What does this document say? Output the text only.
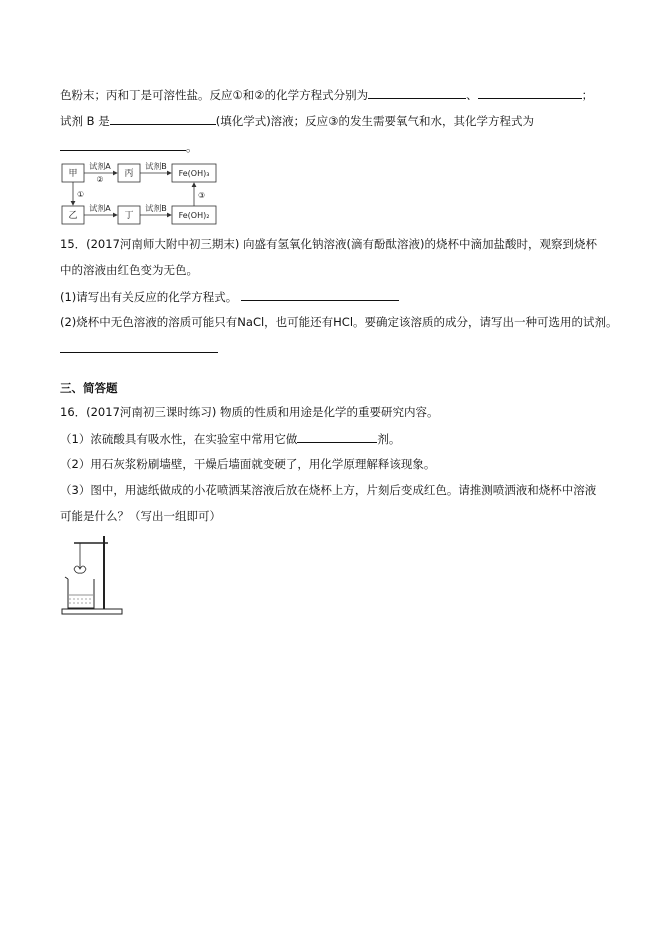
色粉末；丙和丁是可溶性盐。反应①和②的化学方程式分别为	、	；
试剂 B 是	(填化学式)溶液；反应③的发生需要氧气和水，其化学方程式为
。
甲	丙	Fe(OH)₃
乙	丁	Fe(OH)₂
试剂A
②
试剂B
①
试剂A	试剂B
③
15．(2017河南师大附中初三期末) 向盛有氢氧化钠溶液(滴有酚酞溶液)的烧杯中滴加盐酸时，观察到烧杯
中的溶液由红色变为无色。
(1)请写出有关反应的化学方程式。
(2)烧杯中无色溶液的溶质可能只有NaCl，也可能还有HCl。要确定该溶质的成分，请写出一种可选用的试剂。
三、简答题
16．(2017河南初三课时练习) 物质的性质和用途是化学的重要研究内容。
（1）浓硫酸具有吸水性，在实验室中常用它做	剂。
（2）用石灰浆粉刷墙壁，干燥后墙面就变硬了，用化学原理解释该现象。
（3）图中，用滤纸做成的小花喷洒某溶液后放在烧杯上方，片刻后变成红色。请推测喷洒液和烧杯中溶液
可能是什么？（写出一组即可）
